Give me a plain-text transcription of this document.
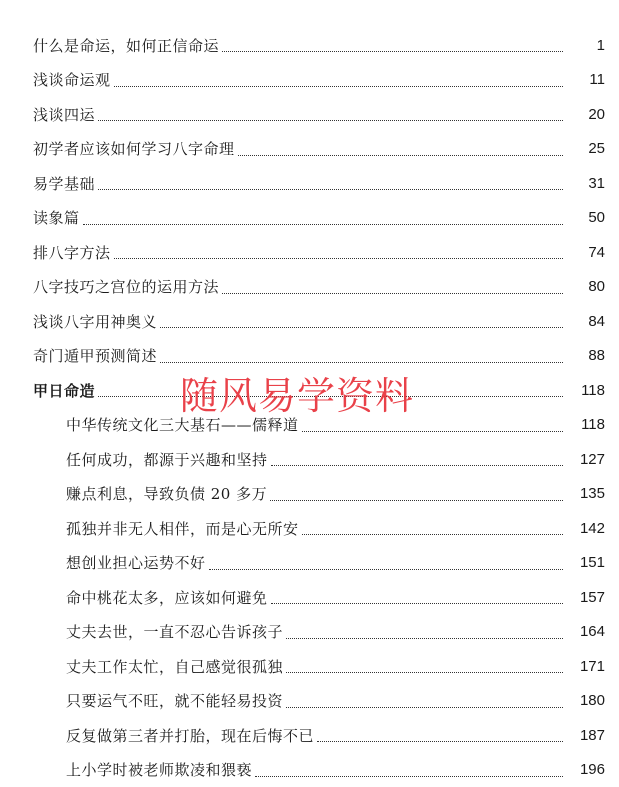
什么是命运，如何正信命运	1
浅谈命运观	11
浅谈四运	20
初学者应该如何学习八字命理	25
易学基础	31
读象篇	50
排八字方法	74
八字技巧之宫位的运用方法	80
浅谈八字用神奥义	84
奇门遁甲预测简述	88
甲日命造	118
中华传统文化三大基石——儒释道	118
任何成功，都源于兴趣和坚持	127
赚点利息，导致负债 20 多万	135
孤独并非无人相伴，而是心无所安	142
想创业担心运势不好	151
命中桃花太多，应该如何避免	157
丈夫去世，一直不忍心告诉孩子	164
丈夫工作太忙，自己感觉很孤独	171
只要运气不旺，就不能轻易投资	180
反复做第三者并打胎，现在后悔不已	187
上小学时被老师欺凌和猥亵	196
随风易学资料
